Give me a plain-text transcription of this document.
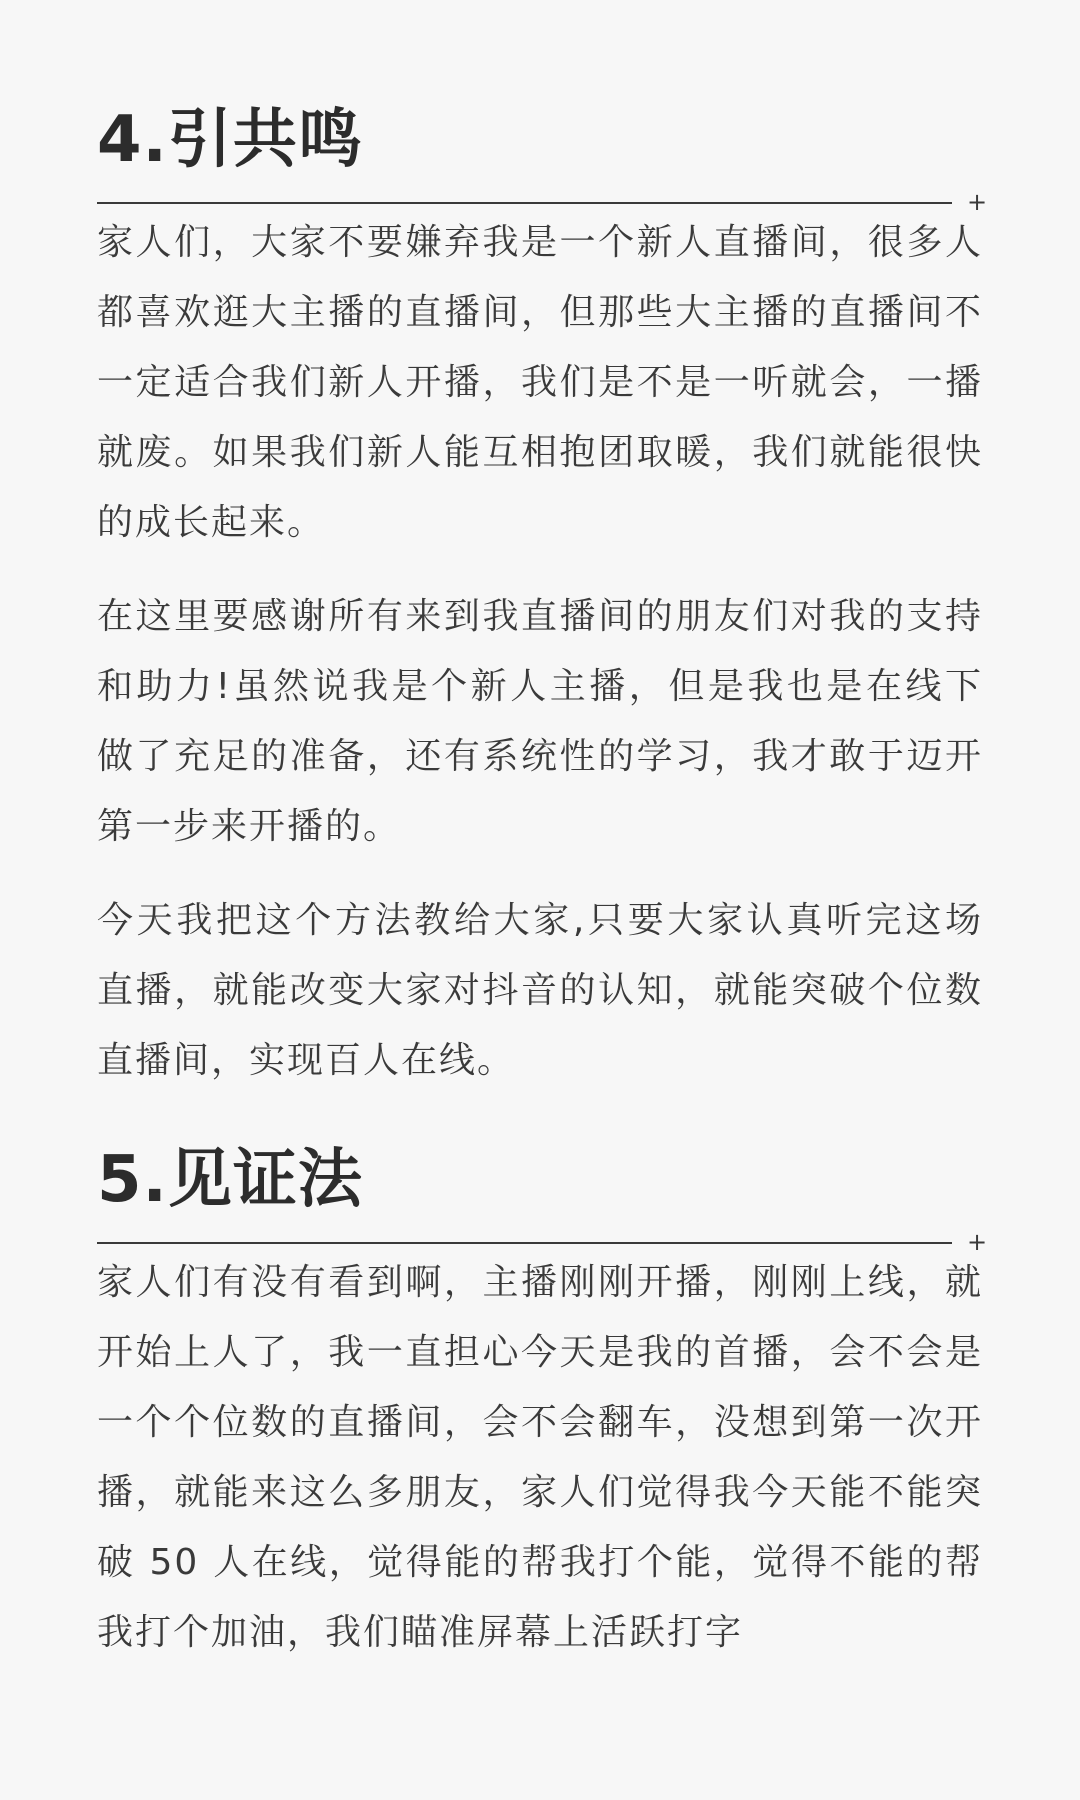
4.引共鸣
+

家人们，大家不要嫌弃我是一个新人直播间，很多人都喜欢逛大主播的直播间，但那些大主播的直播间不一定适合我们新人开播，我们是不是一听就会，一播就废。如果我们新人能互相抱团取暖，我们就能很快的成长起来。

在这里要感谢所有来到我直播间的朋友们对我的支持和助力!虽然说我是个新人主播，但是我也是在线下做了充足的准备，还有系统性的学习，我才敢于迈开第一步来开播的。

今天我把这个方法教给大家,只要大家认真听完这场直播，就能改变大家对抖音的认知，就能突破个位数直播间，实现百人在线。

5.见证法
+

家人们有没有看到啊，主播刚刚开播，刚刚上线，就开始上人了，我一直担心今天是我的首播，会不会是一个个位数的直播间，会不会翻车，没想到第一次开播，就能来这么多朋友，家人们觉得我今天能不能突破 50 人在线，觉得能的帮我打个能，觉得不能的帮我打个加油，我们瞄准屏幕上活跃打字
